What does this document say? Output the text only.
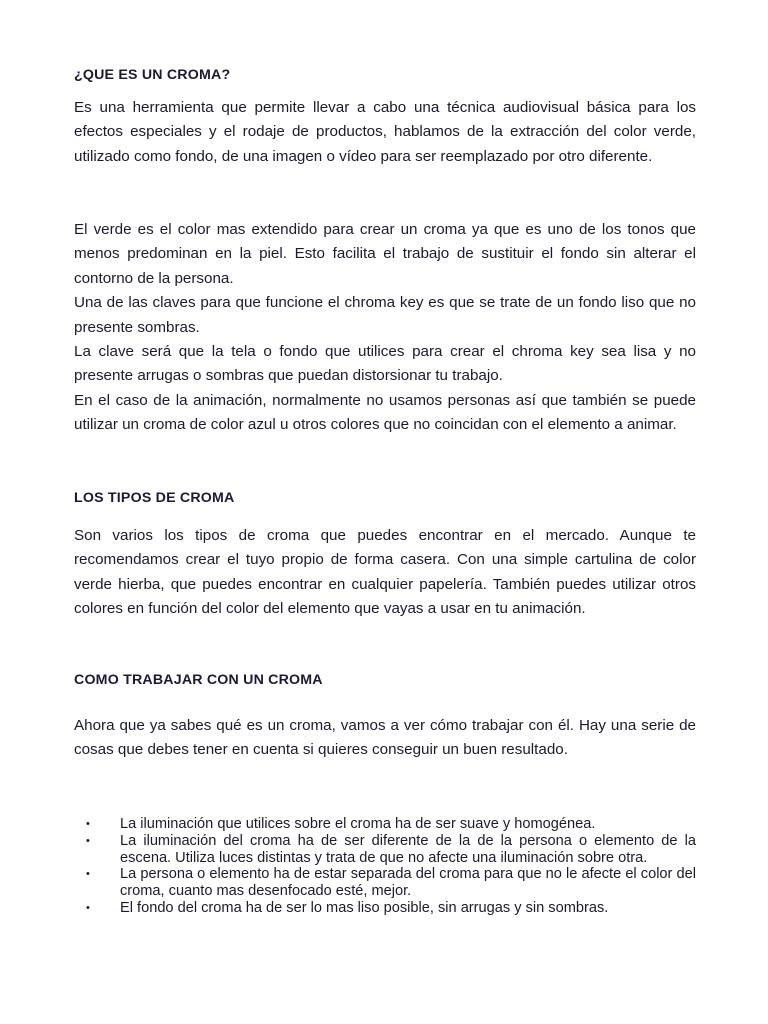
¿QUE ES UN CROMA?

Es una herramienta que permite llevar a cabo una técnica audiovisual básica para los efectos especiales y el rodaje de productos, hablamos de la extracción del color verde, utilizado como fondo, de una imagen o vídeo para ser reemplazado por otro diferente.

El verde es el color mas extendido para crear un croma ya que es uno de los tonos que menos predominan en la piel. Esto facilita el trabajo de sustituir el fondo sin alterar el contorno de la persona.
Una de las claves para que funcione el chroma key es que se trate de un fondo liso que no presente sombras.
La clave será que la tela o fondo que utilices para crear el chroma key sea lisa y no presente arrugas o sombras que puedan distorsionar tu trabajo.
En el caso de la animación, normalmente no usamos personas así que también se puede utilizar un croma de color azul u otros colores que no coincidan con el elemento a animar.
LOS TIPOS DE CROMA

Son varios los tipos de croma que puedes encontrar en el mercado. Aunque te recomendamos crear el tuyo propio de forma casera. Con una simple cartulina de color verde hierba, que puedes encontrar en cualquier papelería. También puedes utilizar otros colores en función del color del elemento que vayas a usar en tu animación.

COMO TRABAJAR CON UN CROMA

Ahora que ya sabes qué es un croma, vamos a ver cómo trabajar con él. Hay una serie de cosas que debes tener en cuenta si quieres conseguir un buen resultado.

• La iluminación que utilices sobre el croma ha de ser suave y homogénea.
• La iluminación del croma ha de ser diferente de la de la persona o elemento de la escena. Utiliza luces distintas y trata de que no afecte una iluminación sobre otra.
• La persona o elemento ha de estar separada del croma para que no le afecte el color del croma, cuanto mas desenfocado esté, mejor.
• El fondo del croma ha de ser lo mas liso posible, sin arrugas y sin sombras.
